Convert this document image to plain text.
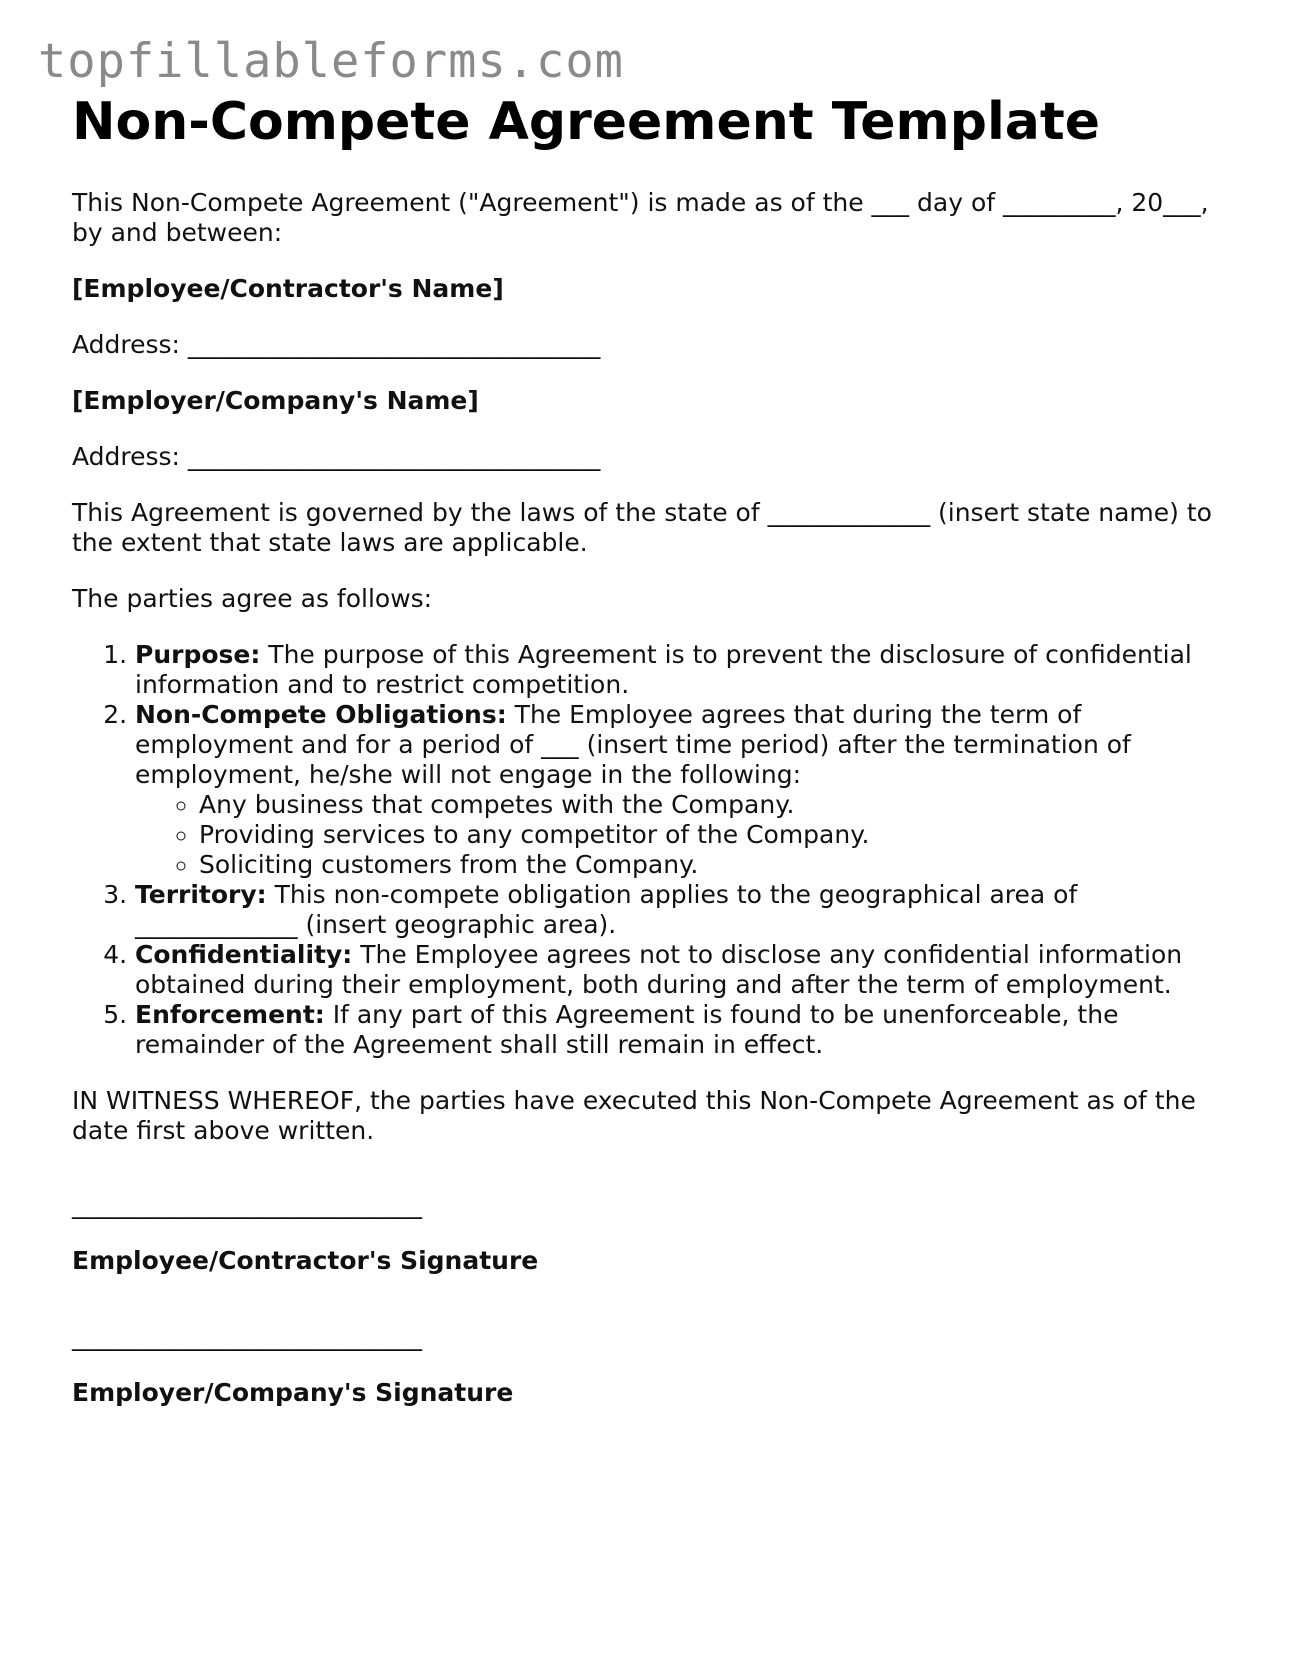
topfillableforms.com
Non-Compete Agreement Template

This Non-Compete Agreement ("Agreement") is made as of the ___ day of _________, 20___, by and between:

[Employee/Contractor's Name]

Address: _________________________________

[Employer/Company's Name]

Address: _________________________________

This Agreement is governed by the laws of the state of _____________ (insert state name) to the extent that state laws are applicable.

The parties agree as follows:

1. Purpose: The purpose of this Agreement is to prevent the disclosure of confidential information and to restrict competition.
2. Non-Compete Obligations: The Employee agrees that during the term of employment and for a period of ___ (insert time period) after the termination of employment, he/she will not engage in the following:
◦ Any business that competes with the Company.
◦ Providing services to any competitor of the Company.
◦ Soliciting customers from the Company.
3. Territory: This non-compete obligation applies to the geographical area of _____________ (insert geographic area).
4. Confidentiality: The Employee agrees not to disclose any confidential information obtained during their employment, both during and after the term of employment.
5. Enforcement: If any part of this Agreement is found to be unenforceable, the remainder of the Agreement shall still remain in effect.

IN WITNESS WHEREOF, the parties have executed this Non-Compete Agreement as of the date first above written.

____________________________

Employee/Contractor's Signature

____________________________

Employer/Company's Signature
